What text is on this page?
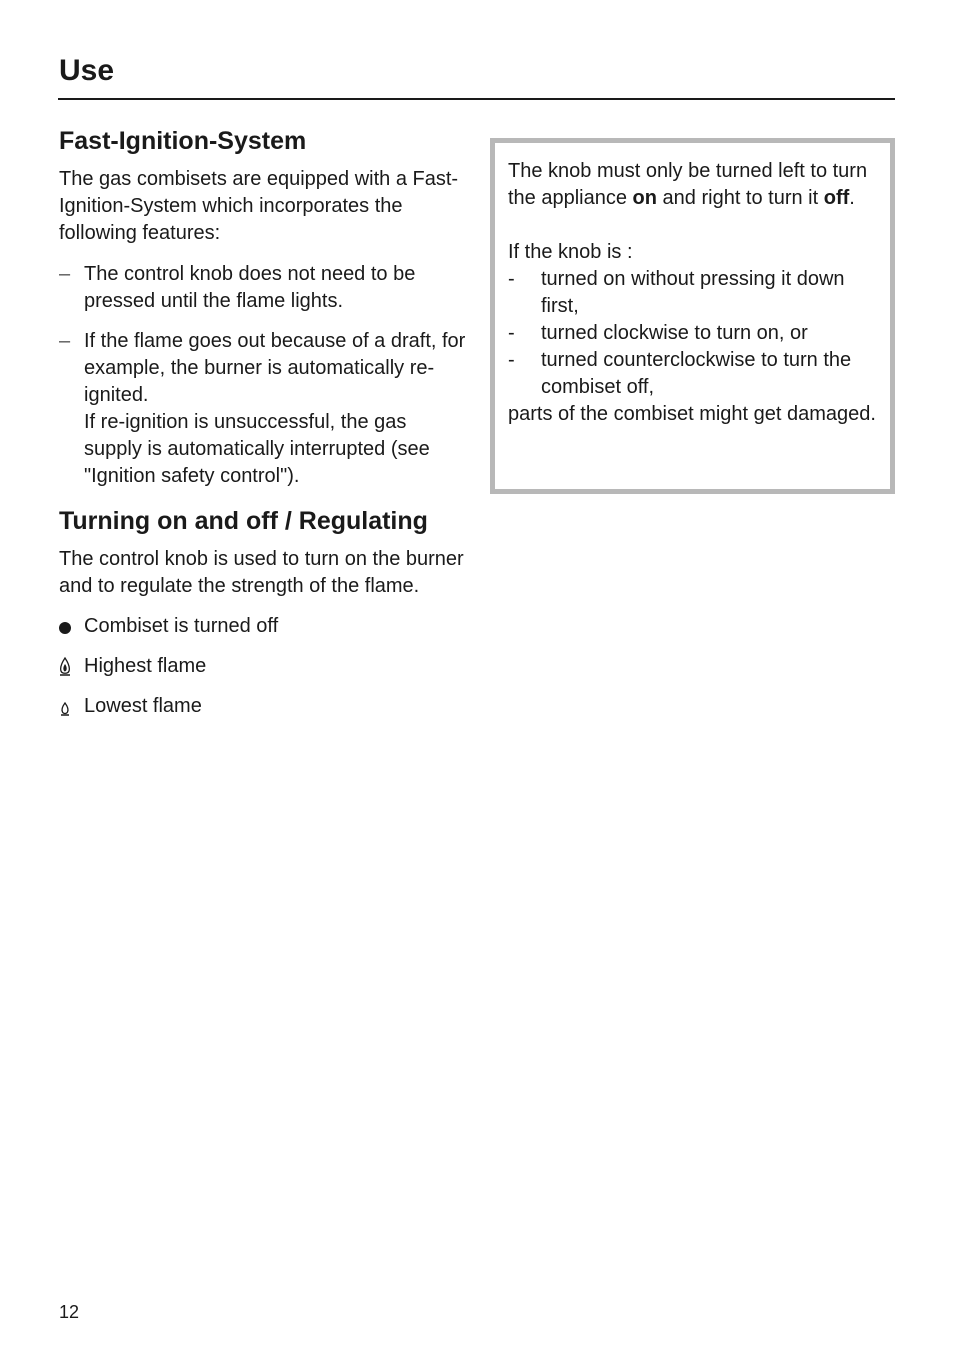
Use
Fast-Ignition-System

The gas combisets are equipped with a Fast-Ignition-System which incorporates the following features:

– The control knob does not need to be pressed until the flame lights.
– If the flame goes out because of a draft, for example, the burner is automatically re-ignited.
If re-ignition is unsuccessful, the gas supply is automatically interrupted (see "Ignition safety control").
Turning on and off / Regulating

The control knob is used to turn on the burner and to regulate the strength of the flame.

Combiset is turned off
Highest flame
Lowest flame

The knob must only be turned left to turn the appliance on and right to turn it off.

If the knob is :

- turned on without pressing it down first,
- turned clockwise to turn on, or
- turned counterclockwise to turn the combiset off,

parts of the combiset might get damaged.

12
